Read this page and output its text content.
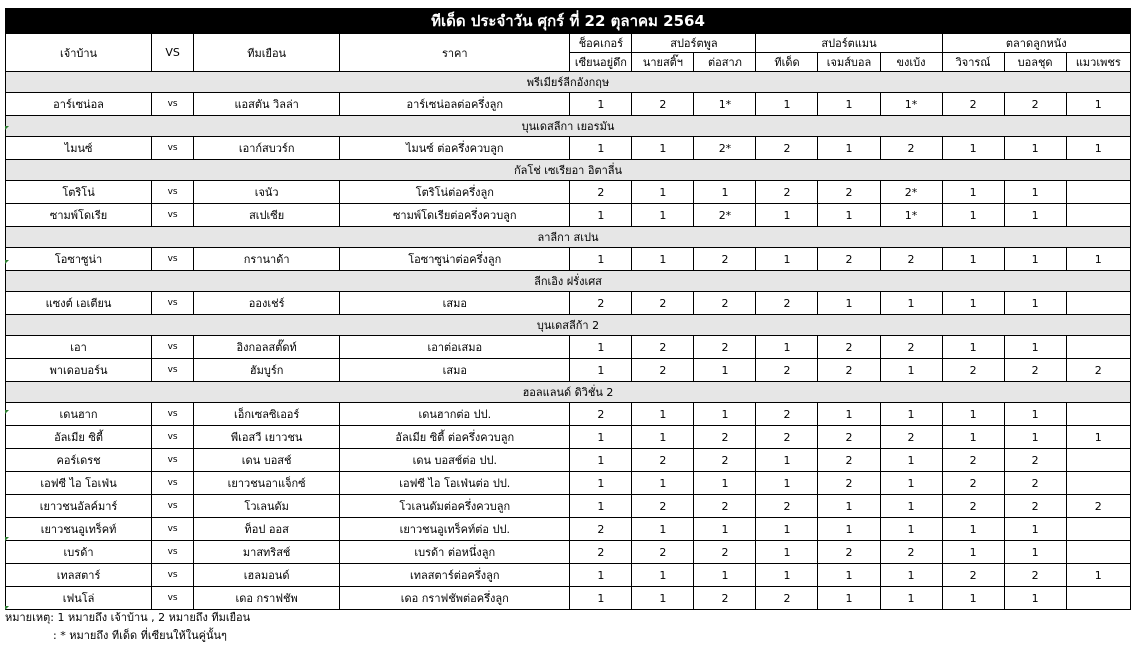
ทีเด็ด ประจำวัน ศุกร์ ที่ 22 ตุลาคม 2564												
เจ้าบ้าน	VS	ทีมเยือน	ราคา	ช็อคเกอร์	สปอร์ตพูล		สปอร์ตแมน			ตลาดลูกหนัง		
				เซียนอยู่ดึก	นายสติ๊ฯ	ต่อสาภ	ทีเด็ด	เจมส์บอล	ขงเบ้ง	วิจารณ์	บอลชุด	แมวเพชร
พรีเมียร์ลีกอังกฤษ												
อาร์เซน่อล	vs	แอสตัน วิลล่า	อาร์เซน่อลต่อครึ่งลูก	1	2	1*	1	1	1*	2	2	1
บุนเดสลีกา เยอรมัน												
ไมนซ์	vs	เอาก์สบวร์ก	ไมนซ์ ต่อครึ่งควบลูก	1	1	2*	2	1	2	1	1	1
กัลโช่ เซเรียอา อิตาลี่น												
โตริโน่	vs	เจนัว	โตริโน่ต่อครึ่งลูก	2	1	1	2	2	2*	1	1	
ซามพ์โดเรีย	vs	สเปเซีย	ซามพ์โดเรียต่อครึ่งควบลูก	1	1	2*	1	1	1*	1	1	
ลาลีกา สเปน												
โอซาซูน่า	vs	กรานาด้า	โอซาซูน่าต่อครึ่งลูก	1	1	2	1	2	2	1	1	1
ลีกเอิง ฝรั่งเศส												
แซงต์ เอเตียน	vs	อองเช่ร์	เสมอ	2	2	2	2	1	1	1	1	
บุนเดสลีก้า 2												
เอา	vs	อิงกอลสตั๊ดท์	เอาต่อเสมอ	1	2	2	1	2	2	1	1	
พาเดอบอร์น	vs	ฮัมบูร์ก	เสมอ	1	2	1	2	2	1	2	2	2
ฮอลแลนด์ ดิวิชั่น 2												
เดนฮาก	vs	เอ็กเซลซิเออร์	เดนฮากต่อ ปป.	2	1	1	2	1	1	1	1	
อัลเมีย ซิตี้	vs	พีเอสวี เยาวชน	อัลเมีย ซิตี้ ต่อครึ่งควบลูก	1	1	2	2	2	2	1	1	1
คอร์เดรช	vs	เดน บอสช์	เดน บอสช์ต่อ ปป.	1	2	2	1	2	1	2	2	
เอฟซี ไอ โอเฟ่น	vs	เยาวชนอาแจ็กซ์	เอฟซี ไอ โอเฟ่นต่อ ปป.	1	1	1	1	2	1	2	2	
เยาวชนอัลค์มาร์	vs	โวเลนดัม	โวเลนดัมต่อครึ่งควบลูก	1	2	2	2	1	1	2	2	2
เยาวชนอูเทร็คท์	vs	ท็อป ออส	เยาวชนอูเทร็คท์ต่อ ปป.	2	1	1	1	1	1	1	1	
เบรด้า	vs	มาสทริสช์	เบรด้า ต่อหนึ่งลูก	2	2	2	1	2	2	1	1	
เทลสตาร์	vs	เฮลมอนด์	เทลสตาร์ต่อครึ่งลูก	1	1	1	1	1	1	2	2	1
เฟนโล่	vs	เดอ กราฟชัพ	เดอ กราฟชัพต่อครึ่งลูก	1	1	2	2	1	1	1	1	
หมายเหตุ: 1 หมายถึง เจ้าบ้าน , 2 หมายถึง ทีมเยือน
: * หมายถึง ทีเด็ด ที่เซียนให้ในคู่นั้นๆ
